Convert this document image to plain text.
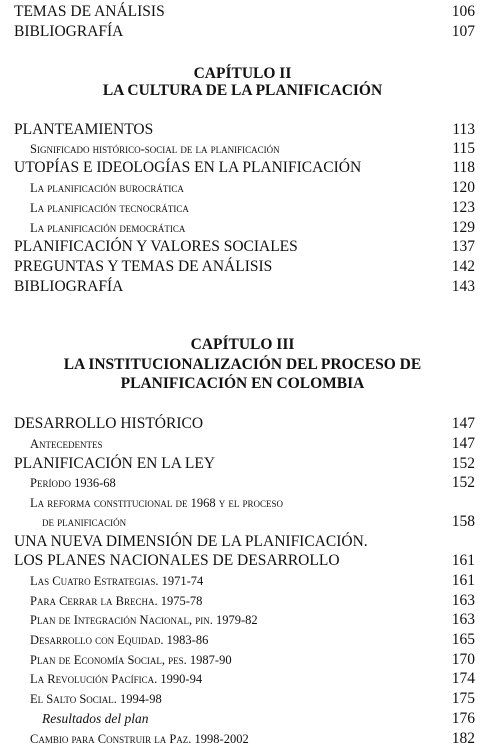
TEMAS DE ANÁLISIS	106
BIBLIOGRAFÍA	107
CAPÍTULO II
LA CULTURA DE LA PLANIFICACIÓN
PLANTEAMIENTOS	113
Significado histórico-social de la planificación	115
UTOPÍAS E IDEOLOGÍAS EN LA PLANIFICACIÓN	118
La planificación burocrática	120
La planificación tecnocrática	123
La planificación democrática	129
PLANIFICACIÓN Y VALORES SOCIALES	137
PREGUNTAS Y TEMAS DE ANÁLISIS	142
BIBLIOGRAFÍA	143
CAPÍTULO III
LA INSTITUCIONALIZACIÓN DEL PROCESO DE
PLANIFICACIÓN EN COLOMBIA
DESARROLLO HISTÓRICO	147
Antecedentes	147
PLANIFICACIÓN EN LA LEY	152
Período 1936-68	152
La reforma constitucional de 1968 y el proceso
de planificación	158
UNA NUEVA DIMENSIÓN DE LA PLANIFICACIÓN.
LOS PLANES NACIONALES DE DESARROLLO	161
Las Cuatro Estrategias. 1971-74	161
Para Cerrar la Brecha. 1975-78	163
Plan de Integración Nacional, pin. 1979-82	163
Desarrollo con Equidad. 1983-86	165
Plan de Economía Social, pes. 1987-90	170
La Revolución Pacífica. 1990-94	174
El Salto Social. 1994-98	175
Resultados del plan	176
Cambio para Construir la Paz. 1998-2002	182
